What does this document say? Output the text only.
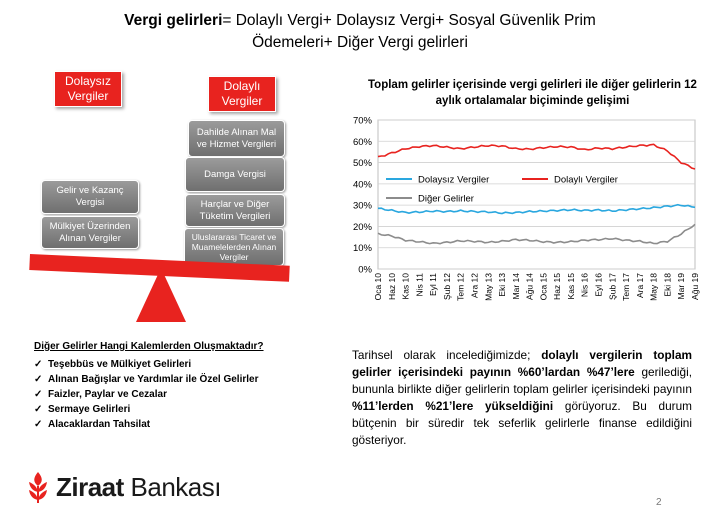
Vergi gelirleri= Dolaylı Vergi+ Dolaysız Vergi+ Sosyal Güvenlik Prim
Ödemeleri+ Diğer Vergi gelirleri
Dolaysız Vergiler
Dolaylı Vergiler
Gelir ve Kazanç Vergisi
Mülkiyet Üzerinden Alınan Vergiler
Dahilde Alınan Mal ve Hizmet Vergileri
Damga Vergisi
Harçlar ve Diğer Tüketim Vergileri
Uluslararası Ticaret ve Muamelelerden Alınan Vergiler
Toplam gelirler içerisinde vergi gelirleri ile diğer gelirlerin 12 aylık ortalamalar biçiminde gelişimi
0%
10%
20%
30%
40%
50%
60%
70%
Oca 10 Haz 10 Kas 10 Nis 11 Eyl 11 Şub 12 Tem 12 Ara 12 May 13 Eki 13 Mar 14 Ağu 14 Oca 15 Haz 15 Kas 15 Nis 16 Eyl 16 Şub 17 Tem 17 Ara 17 May 18 Eki 18 Mar 19 Ağu 19
Dolaysız Vergiler	Dolaylı Vergiler
Diğer Gelirler
Tarihsel olarak incelediğimizde; dolaylı vergilerin toplam gelirler içerisindeki payının %60’lardan %47’lere gerilediği, bununla birlikte diğer gelirlerin toplam gelirler içerisindeki payının %11’lerden %21’lere yükseldiğini görüyoruz. Bu durum bütçenin bir süredir tek seferlik gelirlerle finanse edildiğini gösteriyor.
Diğer Gelirler Hangi Kalemlerden Oluşmaktadır?
✓ Teşebbüs ve Mülkiyet Gelirleri
✓ Alınan Bağışlar ve Yardımlar ile Özel Gelirler
✓ Faizler, Paylar ve Cezalar
✓ Sermaye Gelirleri
✓ Alacaklardan Tahsilat
Ziraat Bankası
2
